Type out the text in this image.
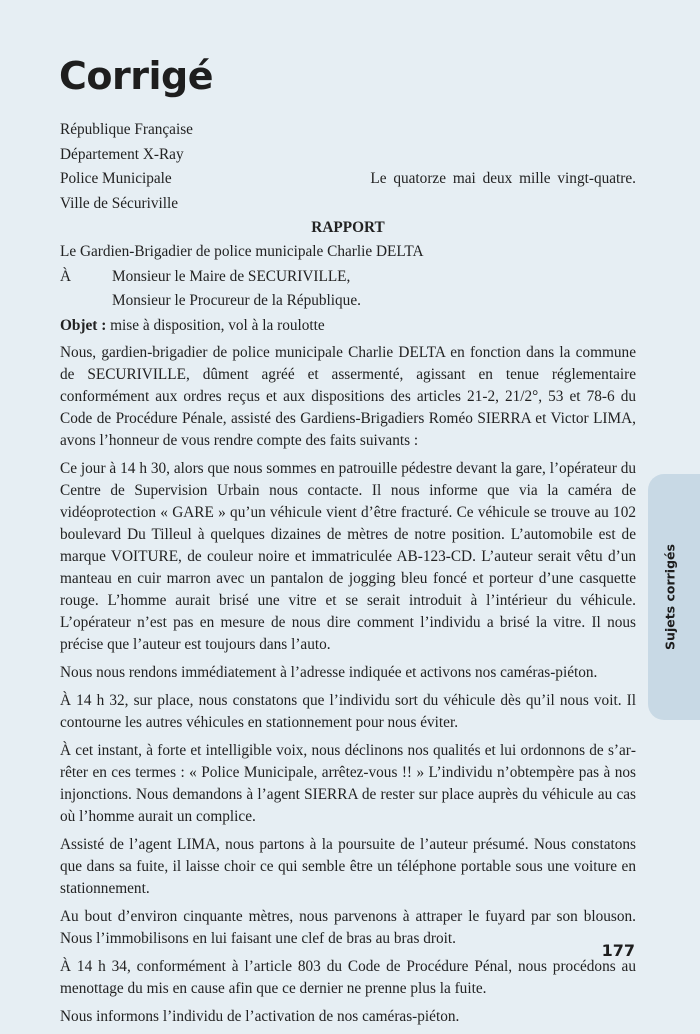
Corrigé
République Française
Département X-Ray
Police Municipale	Le quatorze mai deux mille vingt-quatre.
Ville de Sécuriville
RAPPORT
Le Gardien-Brigadier de police municipale Charlie DELTA
À	Monsieur le Maire de SECURIVILLE,
Monsieur le Procureur de la République.
Objet : mise à disposition, vol à la roulotte

Nous, gardien-brigadier de police municipale Charlie DELTA en fonction dans la commune de SECURIVILLE, dûment agréé et assermenté, agissant en tenue réglementaire conformément aux ordres reçus et aux dispositions des articles 21-2, 21/2°, 53 et 78-6 du Code de Procédure Pénale, assisté des Gardiens-Brigadiers Roméo SIERRA et Victor LIMA, avons l’honneur de vous rendre compte des faits suivants :

Ce jour à 14 h 30, alors que nous sommes en patrouille pédestre devant la gare, l’opérateur du Centre de Supervision Urbain nous contacte. Il nous informe que via la caméra de vidéoprotection « GARE » qu’un véhicule vient d’être fracturé. Ce véhicule se trouve au 102 boulevard Du Tilleul à quelques dizaines de mètres de notre position. L’automobile est de marque VOITURE, de couleur noire et immatriculée AB-123-CD. L’auteur serait vêtu d’un manteau en cuir marron avec un pantalon de jogging bleu foncé et porteur d’une casquette rouge. L’homme aurait brisé une vitre et se serait introduit à l’intérieur du véhicule. L’opérateur n’est pas en mesure de nous dire comment l’individu a brisé la vitre. Il nous précise que l’auteur est toujours dans l’auto.

Nous nous rendons immédiatement à l’adresse indiquée et activons nos caméras-piéton.

À 14 h 32, sur place, nous constatons que l’individu sort du véhicule dès qu’il nous voit. Il contourne les autres véhicules en stationnement pour nous éviter.

À cet instant, à forte et intelligible voix, nous déclinons nos qualités et lui ordonnons de s’arrêter en ces termes : « Police Municipale, arrêtez-vous !! » L’individu n’obtempère pas à nos injonctions. Nous demandons à l’agent SIERRA de rester sur place auprès du véhicule au cas où l’homme aurait un complice.

Assisté de l’agent LIMA, nous partons à la poursuite de l’auteur présumé. Nous constatons que dans sa fuite, il laisse choir ce qui semble être un téléphone portable sous une voiture en stationnement.

Au bout d’environ cinquante mètres, nous parvenons à attraper le fuyard par son blouson. Nous l’immobilisons en lui faisant une clef de bras au bras droit.

À 14 h 34, conformément à l’article 803 du Code de Procédure Pénal, nous procédons au menottage du mis en cause afin que ce dernier ne prenne plus la fuite.

Nous informons l’individu de l’activation de nos caméras-piéton.

Sujets corrigés
177
